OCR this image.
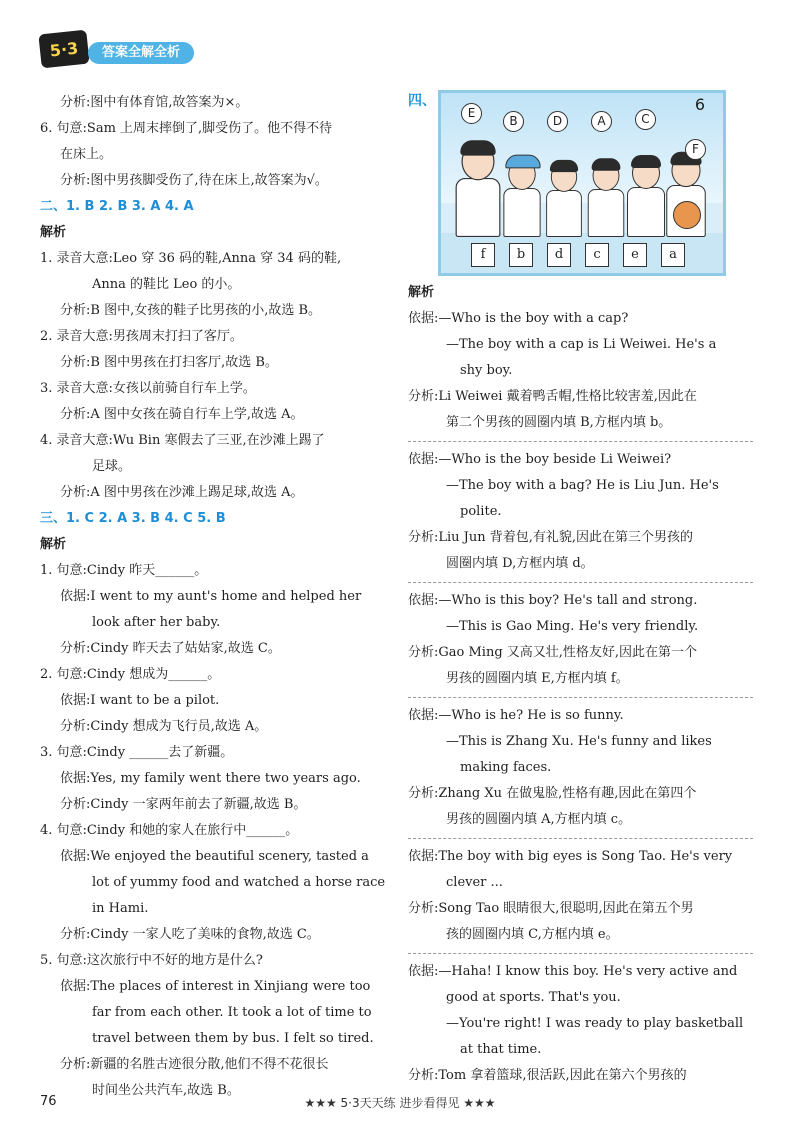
5·3	答案全解全析
分析:图中有体育馆,故答案为×。
6. 句意:Sam 上周末摔倒了,脚受伤了。他不得不待
在床上。
分析:图中男孩脚受伤了,待在床上,故答案为√。
二、1. B 2. B 3. A 4. A
解析
1. 录音大意:Leo 穿 36 码的鞋,Anna 穿 34 码的鞋,
Anna 的鞋比 Leo 的小。
分析:B 图中,女孩的鞋子比男孩的小,故选 B。
2. 录音大意:男孩周末打扫了客厅。
分析:B 图中男孩在打扫客厅,故选 B。
3. 录音大意:女孩以前骑自行车上学。
分析:A 图中女孩在骑自行车上学,故选 A。
4. 录音大意:Wu Bin 寒假去了三亚,在沙滩上踢了
足球。
分析:A 图中男孩在沙滩上踢足球,故选 A。
三、1. C 2. A 3. B 4. C 5. B
解析
1. 句意:Cindy 昨天______。
依据:I went to my aunt's home and helped her
look after her baby.
分析:Cindy 昨天去了姑姑家,故选 C。
2. 句意:Cindy 想成为______。
依据:I want to be a pilot.
分析:Cindy 想成为飞行员,故选 A。
3. 句意:Cindy ______去了新疆。
依据:Yes, my family went there two years ago.
分析:Cindy 一家两年前去了新疆,故选 B。
4. 句意:Cindy 和她的家人在旅行中______。
依据:We enjoyed the beautiful scenery, tasted a
lot of yummy food and watched a horse race
in Hami.
分析:Cindy 一家人吃了美味的食物,故选 C。
5. 句意:这次旅行中不好的地方是什么?
依据:The places of interest in Xinjiang were too
far from each other. It took a lot of time to
travel between them by bus. I felt so tired.
分析:新疆的名胜古迹很分散,他们不得不花很长
时间坐公共汽车,故选 B。
四、	6
E
B	D	A	C
F
f	b	d	c	e	a
解析
依据:—Who is the boy with a cap?
—The boy with a cap is Li Weiwei. He's a
shy boy.
分析:Li Weiwei 戴着鸭舌帽,性格比较害羞,因此在
第二个男孩的圆圈内填 B,方框内填 b。
依据:—Who is the boy beside Li Weiwei?
—The boy with a bag? He is Liu Jun. He's
polite.
分析:Liu Jun 背着包,有礼貌,因此在第三个男孩的
圆圈内填 D,方框内填 d。
依据:—Who is this boy? He's tall and strong.
—This is Gao Ming. He's very friendly.
分析:Gao Ming 又高又壮,性格友好,因此在第一个
男孩的圆圈内填 E,方框内填 f。
依据:—Who is he? He is so funny.
—This is Zhang Xu. He's funny and likes
making faces.
分析:Zhang Xu 在做鬼脸,性格有趣,因此在第四个
男孩的圆圈内填 A,方框内填 c。
依据:The boy with big eyes is Song Tao. He's very
clever ...
分析:Song Tao 眼睛很大,很聪明,因此在第五个男
孩的圆圈内填 C,方框内填 e。
依据:—Haha! I know this boy. He's very active and
good at sports. That's you.
—You're right! I was ready to play basketball
at that time.
分析:Tom 拿着篮球,很活跃,因此在第六个男孩的
76	★★★ 5·3天天练 进步看得见 ★★★
